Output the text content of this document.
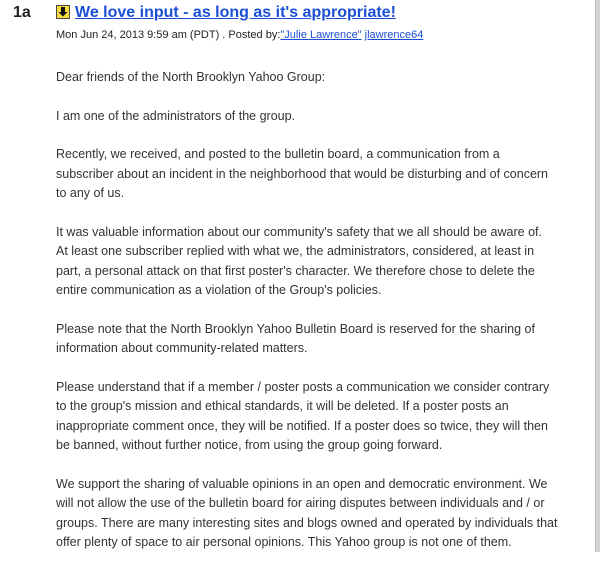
1a	We love input - as long as it's appropriate!
Mon Jun 24, 2013 9:59 am (PDT) . Posted by:"Julie Lawrence" jlawrence64

Dear friends of the North Brooklyn Yahoo Group:

I am one of the administrators of the group.

Recently, we received, and posted to the bulletin board, a communication from a
subscriber about an incident in the neighborhood that would be disturbing and of concern
to any of us.

It was valuable information about our community's safety that we all should be aware of.
At least one subscriber replied with what we, the administrators, considered, at least in
part, a personal attack on that first poster's character. We therefore chose to delete the
entire communication as a violation of the Group's policies.

Please note that the North Brooklyn Yahoo Bulletin Board is reserved for the sharing of
information about community-related matters.

Please understand that if a member / poster posts a communication we consider contrary
to the group's mission and ethical standards, it will be deleted. If a poster posts an
inappropriate comment once, they will be notified. If a poster does so twice, they will then
be banned, without further notice, from using the group going forward.

We support the sharing of valuable opinions in an open and democratic environment. We
will not allow the use of the bulletin board for airing disputes between individuals and / or
groups. There are many interesting sites and blogs owned and operated by individuals that
offer plenty of space to air personal opinions. This Yahoo group is not one of them.
